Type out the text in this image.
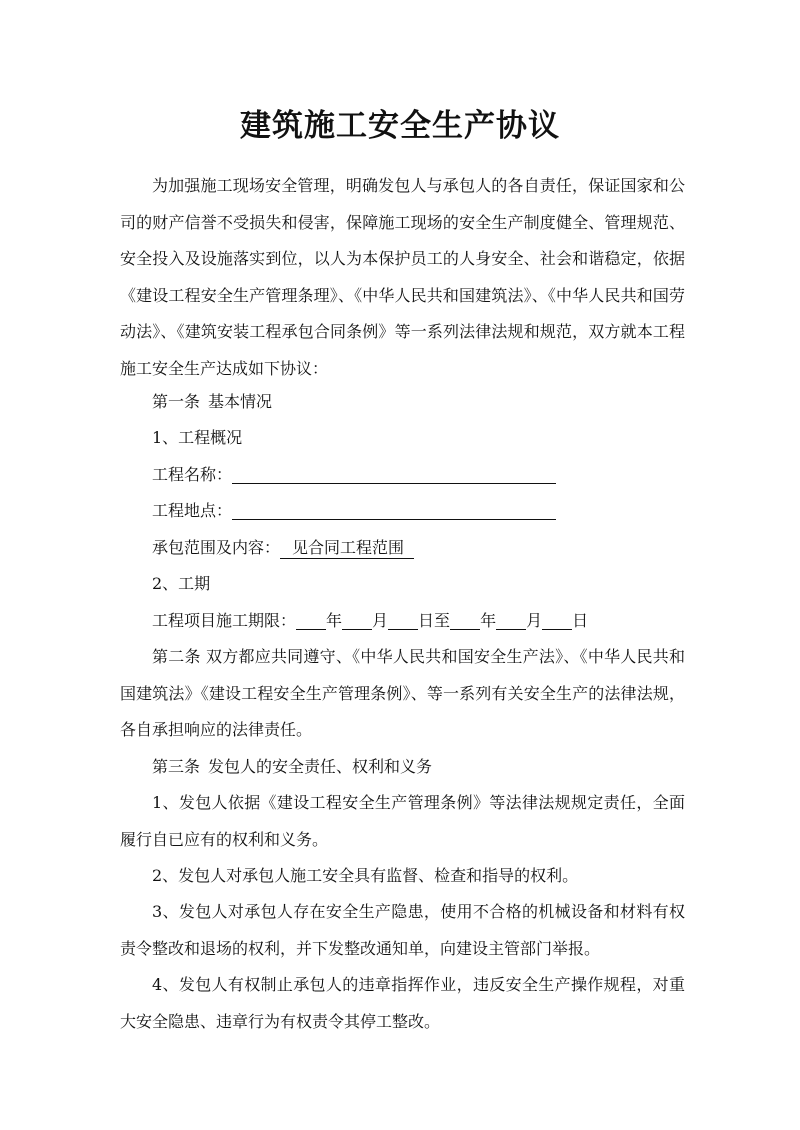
建筑施工安全生产协议

为加强施工现场安全管理，明确发包人与承包人的各自责任，保证国家和公司的财产信誉不受损失和侵害，保障施工现场的安全生产制度健全、管理规范、安全投入及设施落实到位，以人为本保护员工的人身安全、社会和谐稳定，依据《建设工程安全生产管理条理》、《中华人民共和国建筑法》、《中华人民共和国劳动法》、《建筑安装工程承包合同条例》等一系列法律法规和规范，双方就本工程施工安全生产达成如下协议：

第一条 基本情况

1、工程概况

工程名称：

工程地点：

承包范围及内容： 见合同工程范围

2、工期

工程项目施工期限： 年 月 日至 年 月 日

第二条 双方都应共同遵守、《中华人民共和国安全生产法》、《中华人民共和国建筑法》《建设工程安全生产管理条例》、等一系列有关安全生产的法律法规，各自承担响应的法律责任。

第三条 发包人的安全责任、权利和义务

1、发包人依据《建设工程安全生产管理条例》等法律法规规定责任，全面履行自已应有的权利和义务。

2、发包人对承包人施工安全具有监督、检查和指导的权利。

3、发包人对承包人存在安全生产隐患，使用不合格的机械设备和材料有权责令整改和退场的权利，并下发整改通知单，向建设主管部门举报。

4、发包人有权制止承包人的违章指挥作业，违反安全生产操作规程，对重大安全隐患、违章行为有权责令其停工整改。
